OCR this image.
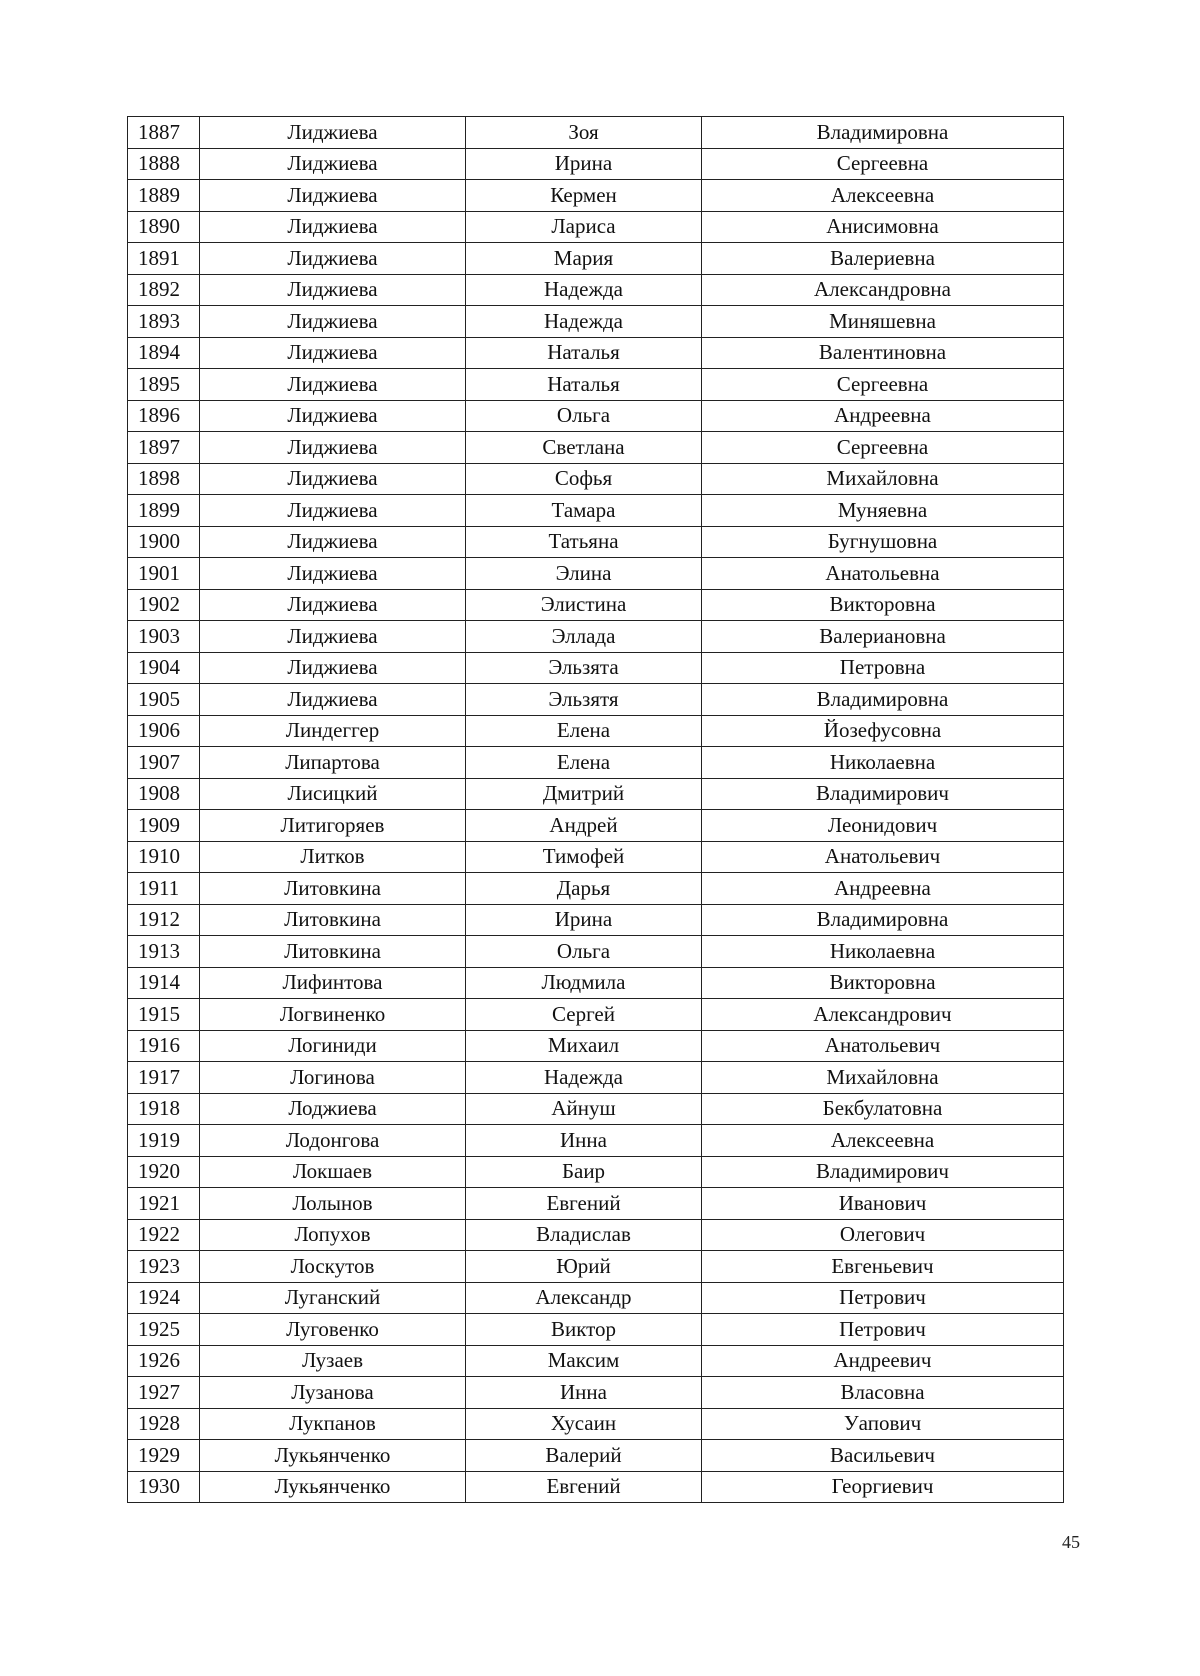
1887	Лиджиева	Зоя	Владимировна
1888	Лиджиева	Ирина	Сергеевна
1889	Лиджиева	Кермен	Алексеевна
1890	Лиджиева	Лариса	Анисимовна
1891	Лиджиева	Мария	Валериевна
1892	Лиджиева	Надежда	Александровна
1893	Лиджиева	Надежда	Миняшевна
1894	Лиджиева	Наталья	Валентиновна
1895	Лиджиева	Наталья	Сергеевна
1896	Лиджиева	Ольга	Андреевна
1897	Лиджиева	Светлана	Сергеевна
1898	Лиджиева	Софья	Михайловна
1899	Лиджиева	Тамара	Муняевна
1900	Лиджиева	Татьяна	Бугнушовна
1901	Лиджиева	Элина	Анатольевна
1902	Лиджиева	Элистина	Викторовна
1903	Лиджиева	Эллада	Валериановна
1904	Лиджиева	Эльзята	Петровна
1905	Лиджиева	Эльзятя	Владимировна
1906	Линдеггер	Елена	Йозефусовна
1907	Липартова	Елена	Николаевна
1908	Лисицкий	Дмитрий	Владимирович
1909	Литигоряев	Андрей	Леонидович
1910	Литков	Тимофей	Анатольевич
1911	Литовкина	Дарья	Андреевна
1912	Литовкина	Ирина	Владимировна
1913	Литовкина	Ольга	Николаевна
1914	Лифинтова	Людмила	Викторовна
1915	Логвиненко	Сергей	Александрович
1916	Логиниди	Михаил	Анатольевич
1917	Логинова	Надежда	Михайловна
1918	Лоджиева	Айнуш	Бекбулатовна
1919	Лодонгова	Инна	Алексеевна
1920	Локшаев	Баир	Владимирович
1921	Лолынов	Евгений	Иванович
1922	Лопухов	Владислав	Олегович
1923	Лоскутов	Юрий	Евгеньевич
1924	Луганский	Александр	Петрович
1925	Луговенко	Виктор	Петрович
1926	Лузаев	Максим	Андреевич
1927	Лузанова	Инна	Власовна
1928	Лукпанов	Хусаин	Уапович
1929	Лукьянченко	Валерий	Васильевич
1930	Лукьянченко	Евгений	Георгиевич
45
